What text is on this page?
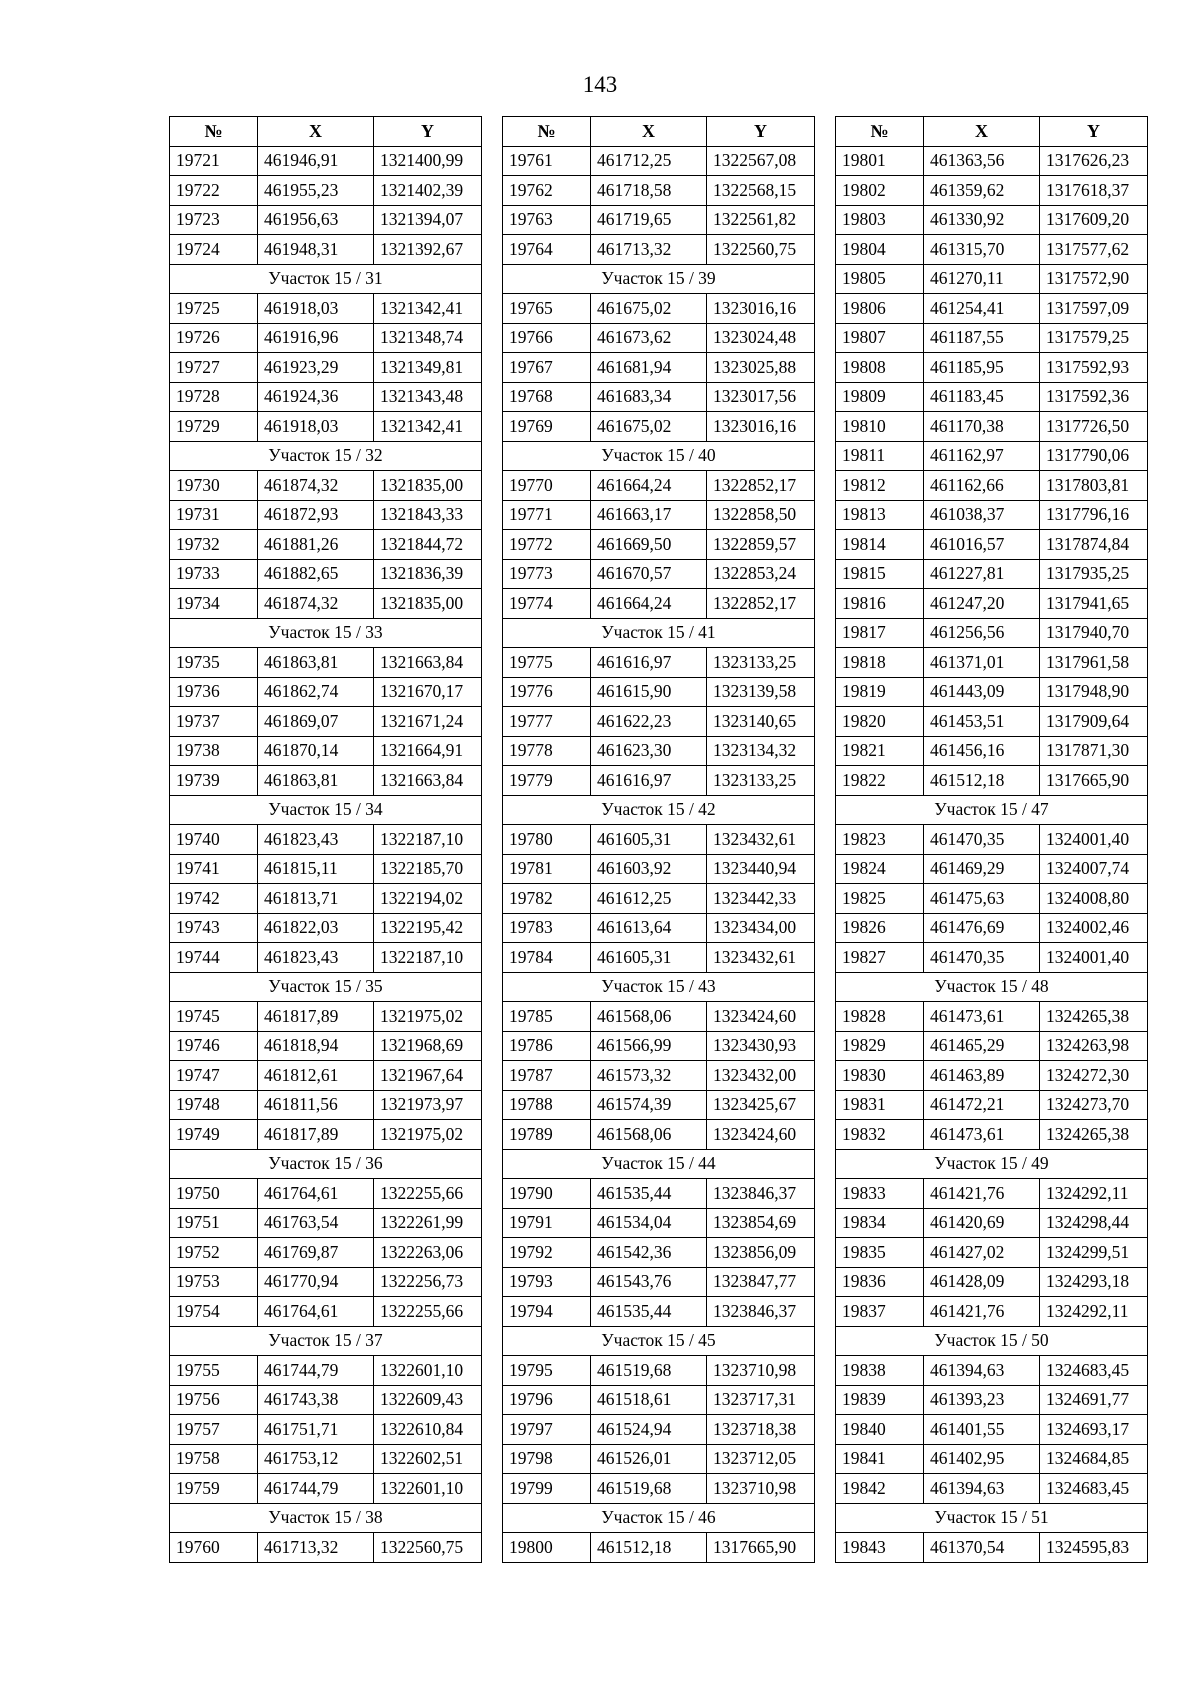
143
№	X	Y
19721	461946,91	1321400,99
19722	461955,23	1321402,39
19723	461956,63	1321394,07
19724	461948,31	1321392,67
Участок 15 / 31		
19725	461918,03	1321342,41
19726	461916,96	1321348,74
19727	461923,29	1321349,81
19728	461924,36	1321343,48
19729	461918,03	1321342,41
Участок 15 / 32		
19730	461874,32	1321835,00
19731	461872,93	1321843,33
19732	461881,26	1321844,72
19733	461882,65	1321836,39
19734	461874,32	1321835,00
Участок 15 / 33		
19735	461863,81	1321663,84
19736	461862,74	1321670,17
19737	461869,07	1321671,24
19738	461870,14	1321664,91
19739	461863,81	1321663,84
Участок 15 / 34		
19740	461823,43	1322187,10
19741	461815,11	1322185,70
19742	461813,71	1322194,02
19743	461822,03	1322195,42
19744	461823,43	1322187,10
Участок 15 / 35		
19745	461817,89	1321975,02
19746	461818,94	1321968,69
19747	461812,61	1321967,64
19748	461811,56	1321973,97
19749	461817,89	1321975,02
Участок 15 / 36		
19750	461764,61	1322255,66
19751	461763,54	1322261,99
19752	461769,87	1322263,06
19753	461770,94	1322256,73
19754	461764,61	1322255,66
Участок 15 / 37		
19755	461744,79	1322601,10
19756	461743,38	1322609,43
19757	461751,71	1322610,84
19758	461753,12	1322602,51
19759	461744,79	1322601,10
Участок 15 / 38		
19760	461713,32	1322560,75
№	X	Y
19761	461712,25	1322567,08
19762	461718,58	1322568,15
19763	461719,65	1322561,82
19764	461713,32	1322560,75
Участок 15 / 39		
19765	461675,02	1323016,16
19766	461673,62	1323024,48
19767	461681,94	1323025,88
19768	461683,34	1323017,56
19769	461675,02	1323016,16
Участок 15 / 40		
19770	461664,24	1322852,17
19771	461663,17	1322858,50
19772	461669,50	1322859,57
19773	461670,57	1322853,24
19774	461664,24	1322852,17
Участок 15 / 41		
19775	461616,97	1323133,25
19776	461615,90	1323139,58
19777	461622,23	1323140,65
19778	461623,30	1323134,32
19779	461616,97	1323133,25
Участок 15 / 42		
19780	461605,31	1323432,61
19781	461603,92	1323440,94
19782	461612,25	1323442,33
19783	461613,64	1323434,00
19784	461605,31	1323432,61
Участок 15 / 43		
19785	461568,06	1323424,60
19786	461566,99	1323430,93
19787	461573,32	1323432,00
19788	461574,39	1323425,67
19789	461568,06	1323424,60
Участок 15 / 44		
19790	461535,44	1323846,37
19791	461534,04	1323854,69
19792	461542,36	1323856,09
19793	461543,76	1323847,77
19794	461535,44	1323846,37
Участок 15 / 45		
19795	461519,68	1323710,98
19796	461518,61	1323717,31
19797	461524,94	1323718,38
19798	461526,01	1323712,05
19799	461519,68	1323710,98
Участок 15 / 46		
19800	461512,18	1317665,90
№	X	Y
19801	461363,56	1317626,23
19802	461359,62	1317618,37
19803	461330,92	1317609,20
19804	461315,70	1317577,62
19805	461270,11	1317572,90
19806	461254,41	1317597,09
19807	461187,55	1317579,25
19808	461185,95	1317592,93
19809	461183,45	1317592,36
19810	461170,38	1317726,50
19811	461162,97	1317790,06
19812	461162,66	1317803,81
19813	461038,37	1317796,16
19814	461016,57	1317874,84
19815	461227,81	1317935,25
19816	461247,20	1317941,65
19817	461256,56	1317940,70
19818	461371,01	1317961,58
19819	461443,09	1317948,90
19820	461453,51	1317909,64
19821	461456,16	1317871,30
19822	461512,18	1317665,90
Участок 15 / 47		
19823	461470,35	1324001,40
19824	461469,29	1324007,74
19825	461475,63	1324008,80
19826	461476,69	1324002,46
19827	461470,35	1324001,40
Участок 15 / 48		
19828	461473,61	1324265,38
19829	461465,29	1324263,98
19830	461463,89	1324272,30
19831	461472,21	1324273,70
19832	461473,61	1324265,38
Участок 15 / 49		
19833	461421,76	1324292,11
19834	461420,69	1324298,44
19835	461427,02	1324299,51
19836	461428,09	1324293,18
19837	461421,76	1324292,11
Участок 15 / 50		
19838	461394,63	1324683,45
19839	461393,23	1324691,77
19840	461401,55	1324693,17
19841	461402,95	1324684,85
19842	461394,63	1324683,45
Участок 15 / 51		
19843	461370,54	1324595,83
